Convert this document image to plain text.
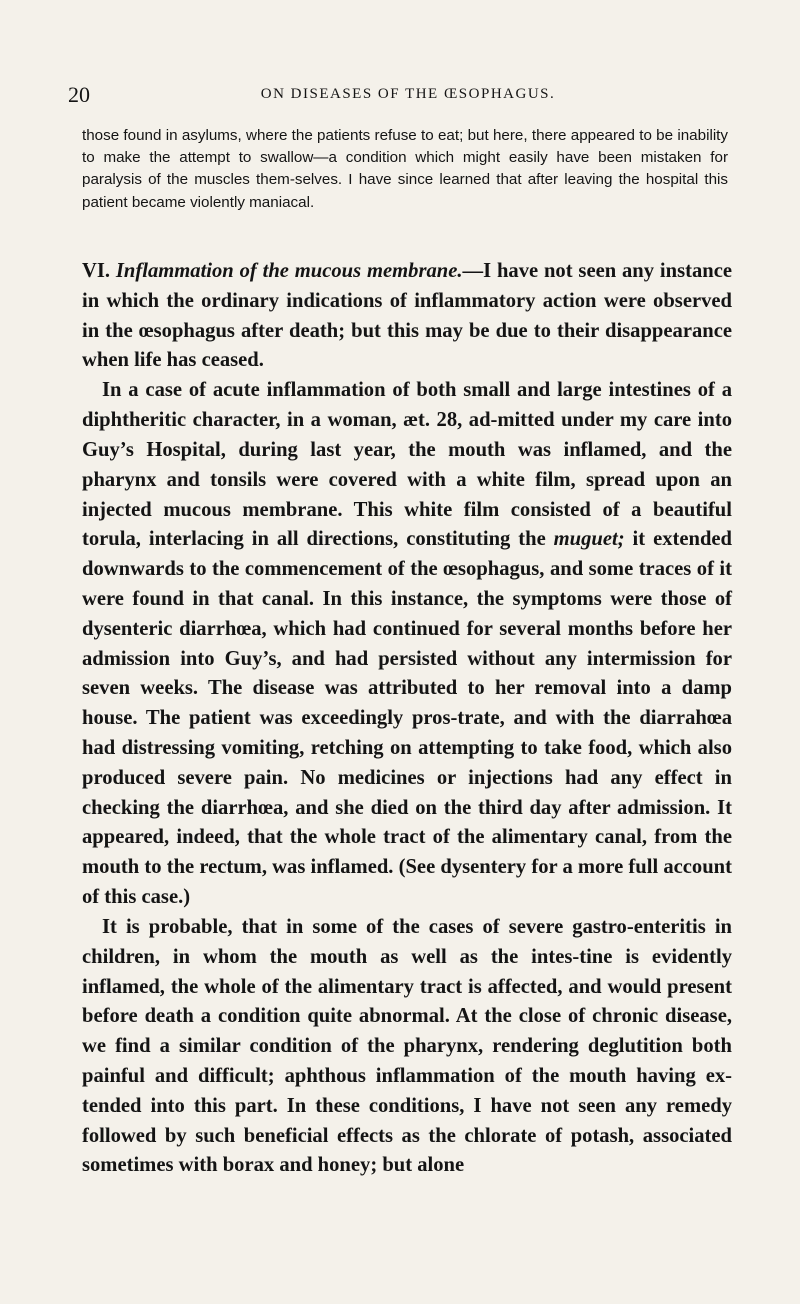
20	ON DISEASES OF THE ŒSOPHAGUS.

those found in asylums, where the patients refuse to eat; but here, there appeared to be inability to make the attempt to swallow—a condition which might easily have been mistaken for paralysis of the muscles them-selves. I have since learned that after leaving the hospital this patient became violently maniacal.

VI. Inflammation of the mucous membrane.—I have not seen any instance in which the ordinary indications of inflammatory action were observed in the œsophagus after death; but this may be due to their disappearance when life has ceased.

In a case of acute inflammation of both small and large intestines of a diphtheritic character, in a woman, æt. 28, ad-mitted under my care into Guy’s Hospital, during last year, the mouth was inflamed, and the pharynx and tonsils were covered with a white film, spread upon an injected mucous membrane. This white film consisted of a beautiful torula, interlacing in all directions, constituting the muguet; it extended downwards to the commencement of the œsophagus, and some traces of it were found in that canal. In this instance, the symptoms were those of dysenteric diarrhœa, which had continued for several months before her admission into Guy’s, and had persisted without any intermission for seven weeks. The disease was attributed to her removal into a damp house. The patient was exceedingly pros-trate, and with the diarrahœa had distressing vomiting, retching on attempting to take food, which also produced severe pain. No medicines or injections had any effect in checking the diarrhœa, and she died on the third day after admission. It appeared, indeed, that the whole tract of the alimentary canal, from the mouth to the rectum, was inflamed. (See dysentery for a more full account of this case.)

It is probable, that in some of the cases of severe gastro-enteritis in children, in whom the mouth as well as the intes-tine is evidently inflamed, the whole of the alimentary tract is affected, and would present before death a condition quite abnormal. At the close of chronic disease, we find a similar condition of the pharynx, rendering deglutition both painful and difficult; aphthous inflammation of the mouth having ex-tended into this part. In these conditions, I have not seen any remedy followed by such beneficial effects as the chlorate of potash, associated sometimes with borax and honey; but alone
